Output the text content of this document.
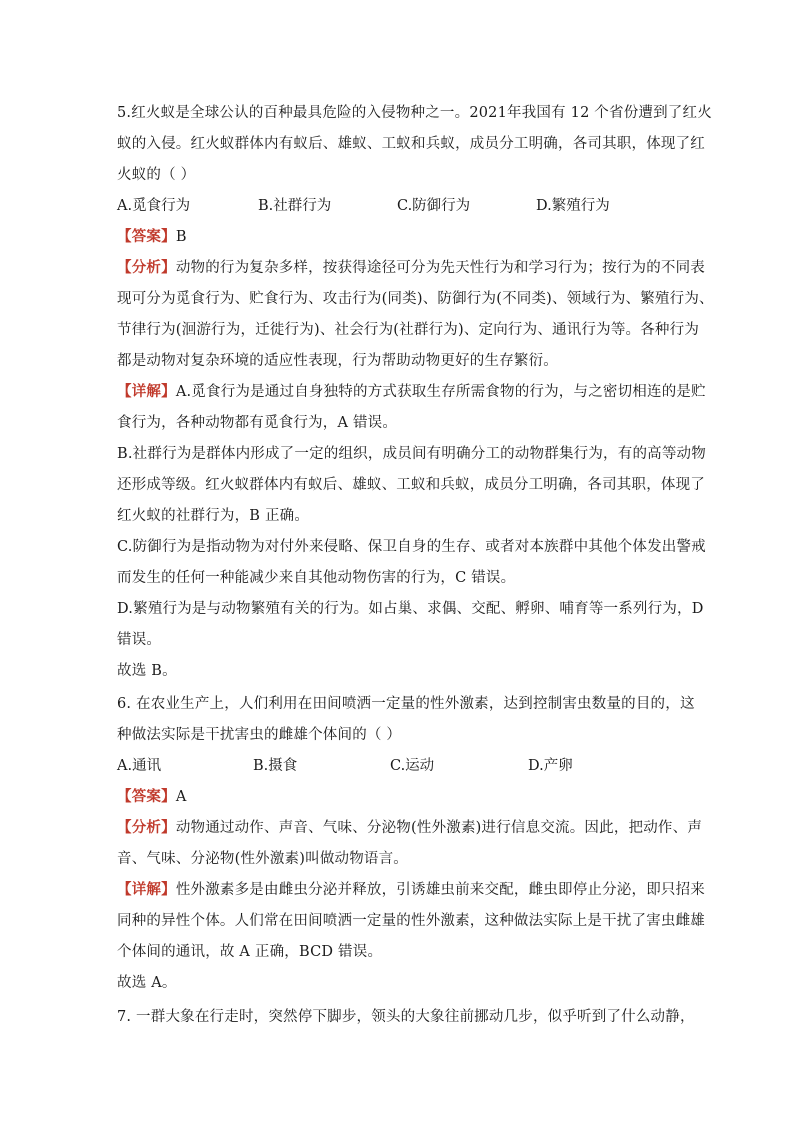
5.红火蚁是全球公认的百种最具危险的入侵物种之一。2021年我国有 12 个省份遭到了红火
蚁的入侵。红火蚁群体内有蚁后、雄蚁、工蚁和兵蚁，成员分工明确，各司其职，体现了红
火蚁的（ ）
A.觅食行为	B.社群行为	C.防御行为	D.繁殖行为
【答案】B
【分析】动物的行为复杂多样，按获得途径可分为先天性行为和学习行为；按行为的不同表
现可分为觅食行为、贮食行为、攻击行为(同类)、防御行为(不同类)、领域行为、繁殖行为、
节律行为(洄游行为，迁徙行为)、社会行为(社群行为)、定向行为、通讯行为等。各种行为
都是动物对复杂环境的适应性表现，行为帮助动物更好的生存繁衍。
【详解】A.觅食行为是通过自身独特的方式获取生存所需食物的行为，与之密切相连的是贮
食行为，各种动物都有觅食行为，A 错误。
B.社群行为是群体内形成了一定的组织，成员间有明确分工的动物群集行为，有的高等动物
还形成等级。红火蚁群体内有蚁后、雄蚁、工蚁和兵蚁，成员分工明确，各司其职，体现了
红火蚁的社群行为，B 正确。
C.防御行为是指动物为对付外来侵略、保卫自身的生存、或者对本族群中其他个体发出警戒
而发生的任何一种能减少来自其他动物伤害的行为，C 错误。
D.繁殖行为是与动物繁殖有关的行为。如占巢、求偶、交配、孵卵、哺育等一系列行为，D
错误。
故选 B。
6. 在农业生产上，人们利用在田间喷洒一定量的性外激素，达到控制害虫数量的目的，这
种做法实际是干扰害虫的雌雄个体间的（ ）
A.通讯	B.摄食	C.运动	D.产卵
【答案】A
【分析】动物通过动作、声音、气味、分泌物(性外激素)进行信息交流。因此，把动作、声
音、气味、分泌物(性外激素)叫做动物语言。
【详解】性外激素多是由雌虫分泌并释放，引诱雄虫前来交配，雌虫即停止分泌，即只招来
同种的异性个体。人们常在田间喷洒一定量的性外激素，这种做法实际上是干扰了害虫雌雄
个体间的通讯，故 A 正确，BCD 错误。
故选 A。
7. 一群大象在行走时，突然停下脚步，领头的大象往前挪动几步，似乎听到了什么动静，
